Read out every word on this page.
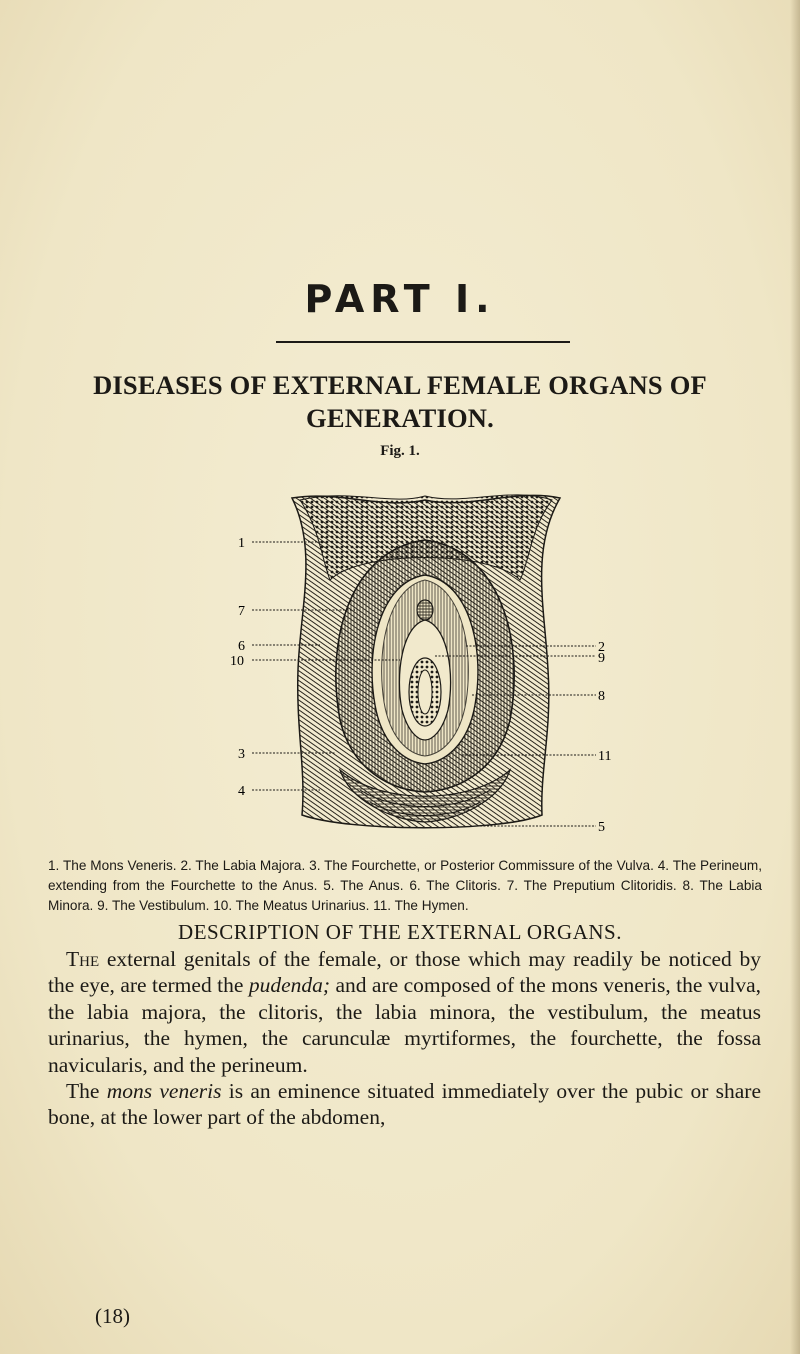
PART I.
DISEASES OF EXTERNAL FEMALE ORGANS OF GENERATION.
Fig. 1.
1
7
6
10
3
4
2
9
8
11
5
1. The Mons Veneris. 2. The Labia Majora. 3. The Fourchette, or Posterior Commissure of the Vulva. 4. The Perineum, extending from the Fourchette to the Anus. 5. The Anus. 6. The Clitoris. 7. The Preputium Clitoridis. 8. The Labia Minora. 9. The Vestibulum. 10. The Meatus Urinarius. 11. The Hymen.
DESCRIPTION OF THE EXTERNAL ORGANS.

The external genitals of the female, or those which may readily be noticed by the eye, are termed the pudenda; and are composed of the mons veneris, the vulva, the labia majora, the clitoris, the labia minora, the vestibulum, the meatus urinarius, the hymen, the carunculæ myrtiformes, the fourchette, the fossa navicularis, and the perineum.

The mons veneris is an eminence situated immediately over the pubic or share bone, at the lower part of the abdomen,

(18)
